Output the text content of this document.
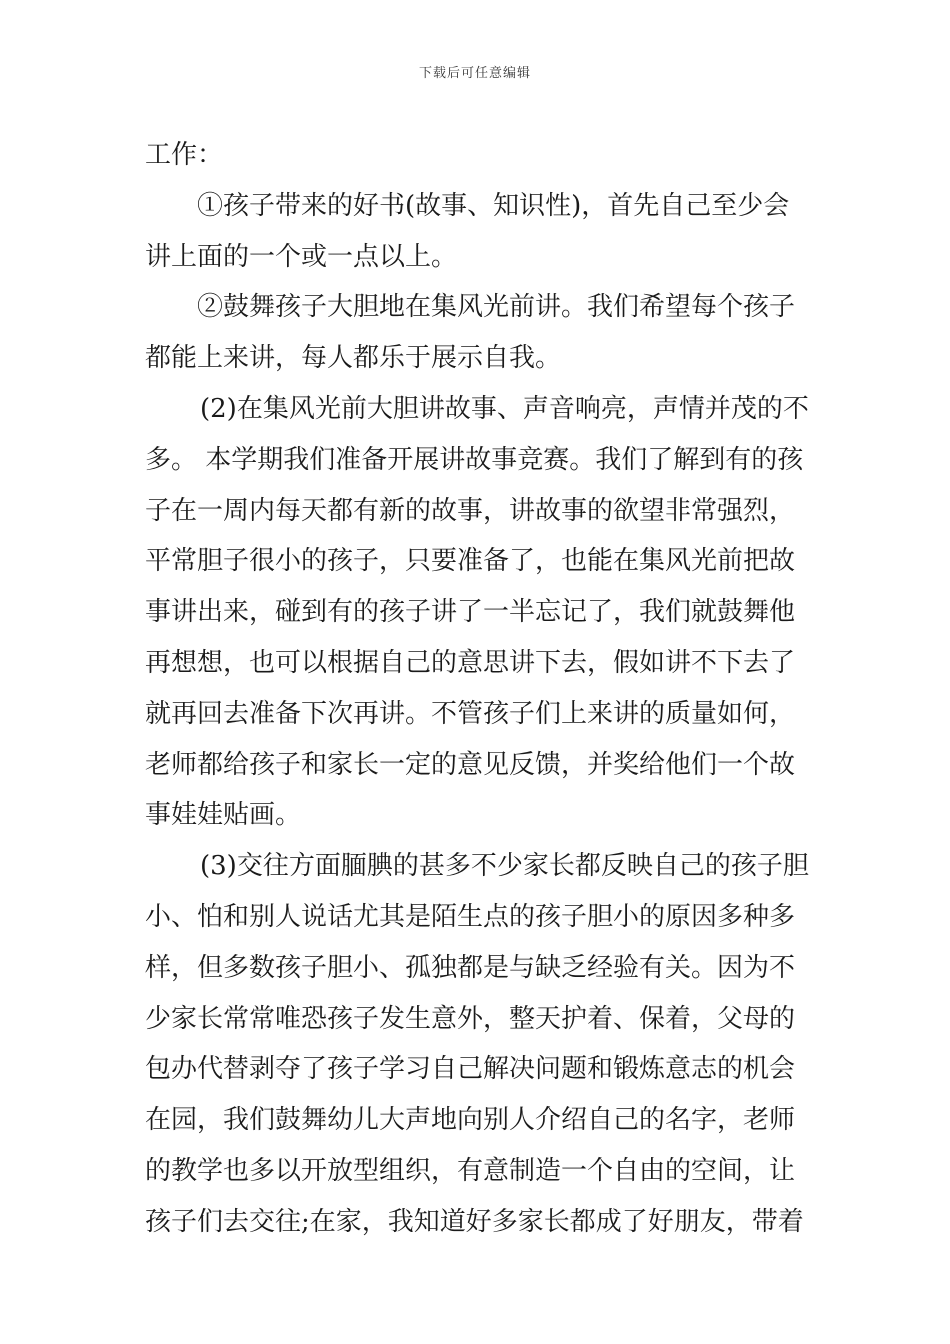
下载后可任意编辑
工作：
①孩子带来的好书(故事、知识性)，首先自己至少会
讲上面的一个或一点以上。
②鼓舞孩子大胆地在集风光前讲。我们希望每个孩子
都能上来讲，每人都乐于展示自我。
(2)在集风光前大胆讲故事、声音响亮，声情并茂的不
多。 本学期我们准备开展讲故事竞赛。我们了解到有的孩
子在一周内每天都有新的故事，讲故事的欲望非常强烈，
平常胆子很小的孩子，只要准备了，也能在集风光前把故
事讲出来，碰到有的孩子讲了一半忘记了，我们就鼓舞他
再想想，也可以根据自己的意思讲下去，假如讲不下去了
就再回去准备下次再讲。不管孩子们上来讲的质量如何，
老师都给孩子和家长一定的意见反馈，并奖给他们一个故
事娃娃贴画。
(3)交往方面腼腆的甚多不少家长都反映自己的孩子胆
小、怕和别人说话尤其是陌生点的孩子胆小的原因多种多
样，但多数孩子胆小、孤独都是与缺乏经验有关。因为不
少家长常常唯恐孩子发生意外，整天护着、保着，父母的
包办代替剥夺了孩子学习自己解决问题和锻炼意志的机会
在园，我们鼓舞幼儿大声地向别人介绍自己的名字，老师
的教学也多以开放型组织，有意制造一个自由的空间，让
孩子们去交往;在家，我知道好多家长都成了好朋友，带着
